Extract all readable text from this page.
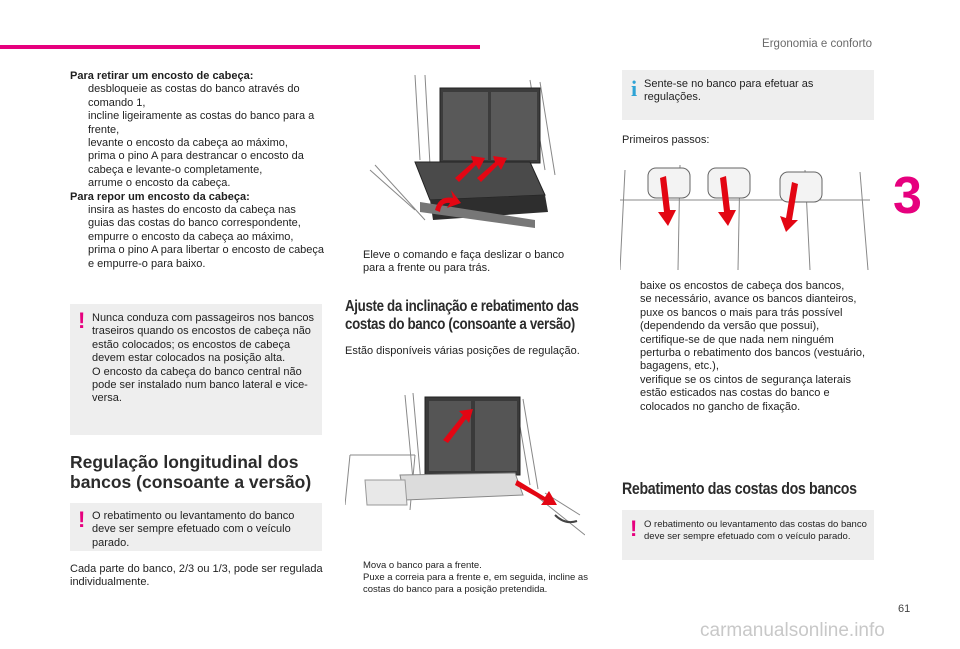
Ergonomia e conforto
3
61
carmanualsonline.info
Para retirar um encosto de cabeça:
desbloqueie as costas do banco através do comando 1,
incline ligeiramente as costas do banco para a frente,
levante o encosto da cabeça ao máximo,
prima o pino A para destrancar o encosto da cabeça e levante-o completamente,
arrume o encosto da cabeça.
Para repor um encosto da cabeça:
insira as hastes do encosto da cabeça nas guias das costas do banco correspondente,
empurre o encosto da cabeça ao máximo,
prima o pino A para libertar o encosto de cabeça e empurre-o para baixo.
! Nunca conduza com passageiros nos bancos traseiros quando os encostos de cabeça não estão colocados; os encostos de cabeça devem estar colocados na posição alta.
O encosto da cabeça do banco central não pode ser instalado num banco lateral e vice-versa.
Regulação longitudinal dos bancos (consoante a versão)
! O rebatimento ou levantamento do banco deve ser sempre efetuado com o veículo parado.
Cada parte do banco, 2/3 ou 1/3, pode ser regulada individualmente.
Eleve o comando e faça deslizar o banco para a frente ou para trás.
Ajuste da inclinação e rebatimento das costas do banco (consoante a versão)
Estão disponíveis várias posições de regulação.
Mova o banco para a frente.
Puxe a correia para a frente e, em seguida, incline as costas do banco para a posição pretendida.
i Sente-se no banco para efetuar as regulações.
Primeiros passos:
baixe os encostos de cabeça dos bancos,
se necessário, avance os bancos dianteiros,
puxe os bancos o mais para trás possível (dependendo da versão que possui),
certifique-se de que nada nem ninguém perturba o rebatimento dos bancos (vestuário, bagagens, etc.),
verifique se os cintos de segurança laterais estão esticados nas costas do banco e colocados no gancho de fixação.
Rebatimento das costas dos bancos
! O rebatimento ou levantamento das costas do banco deve ser sempre efetuado com o veículo parado.
